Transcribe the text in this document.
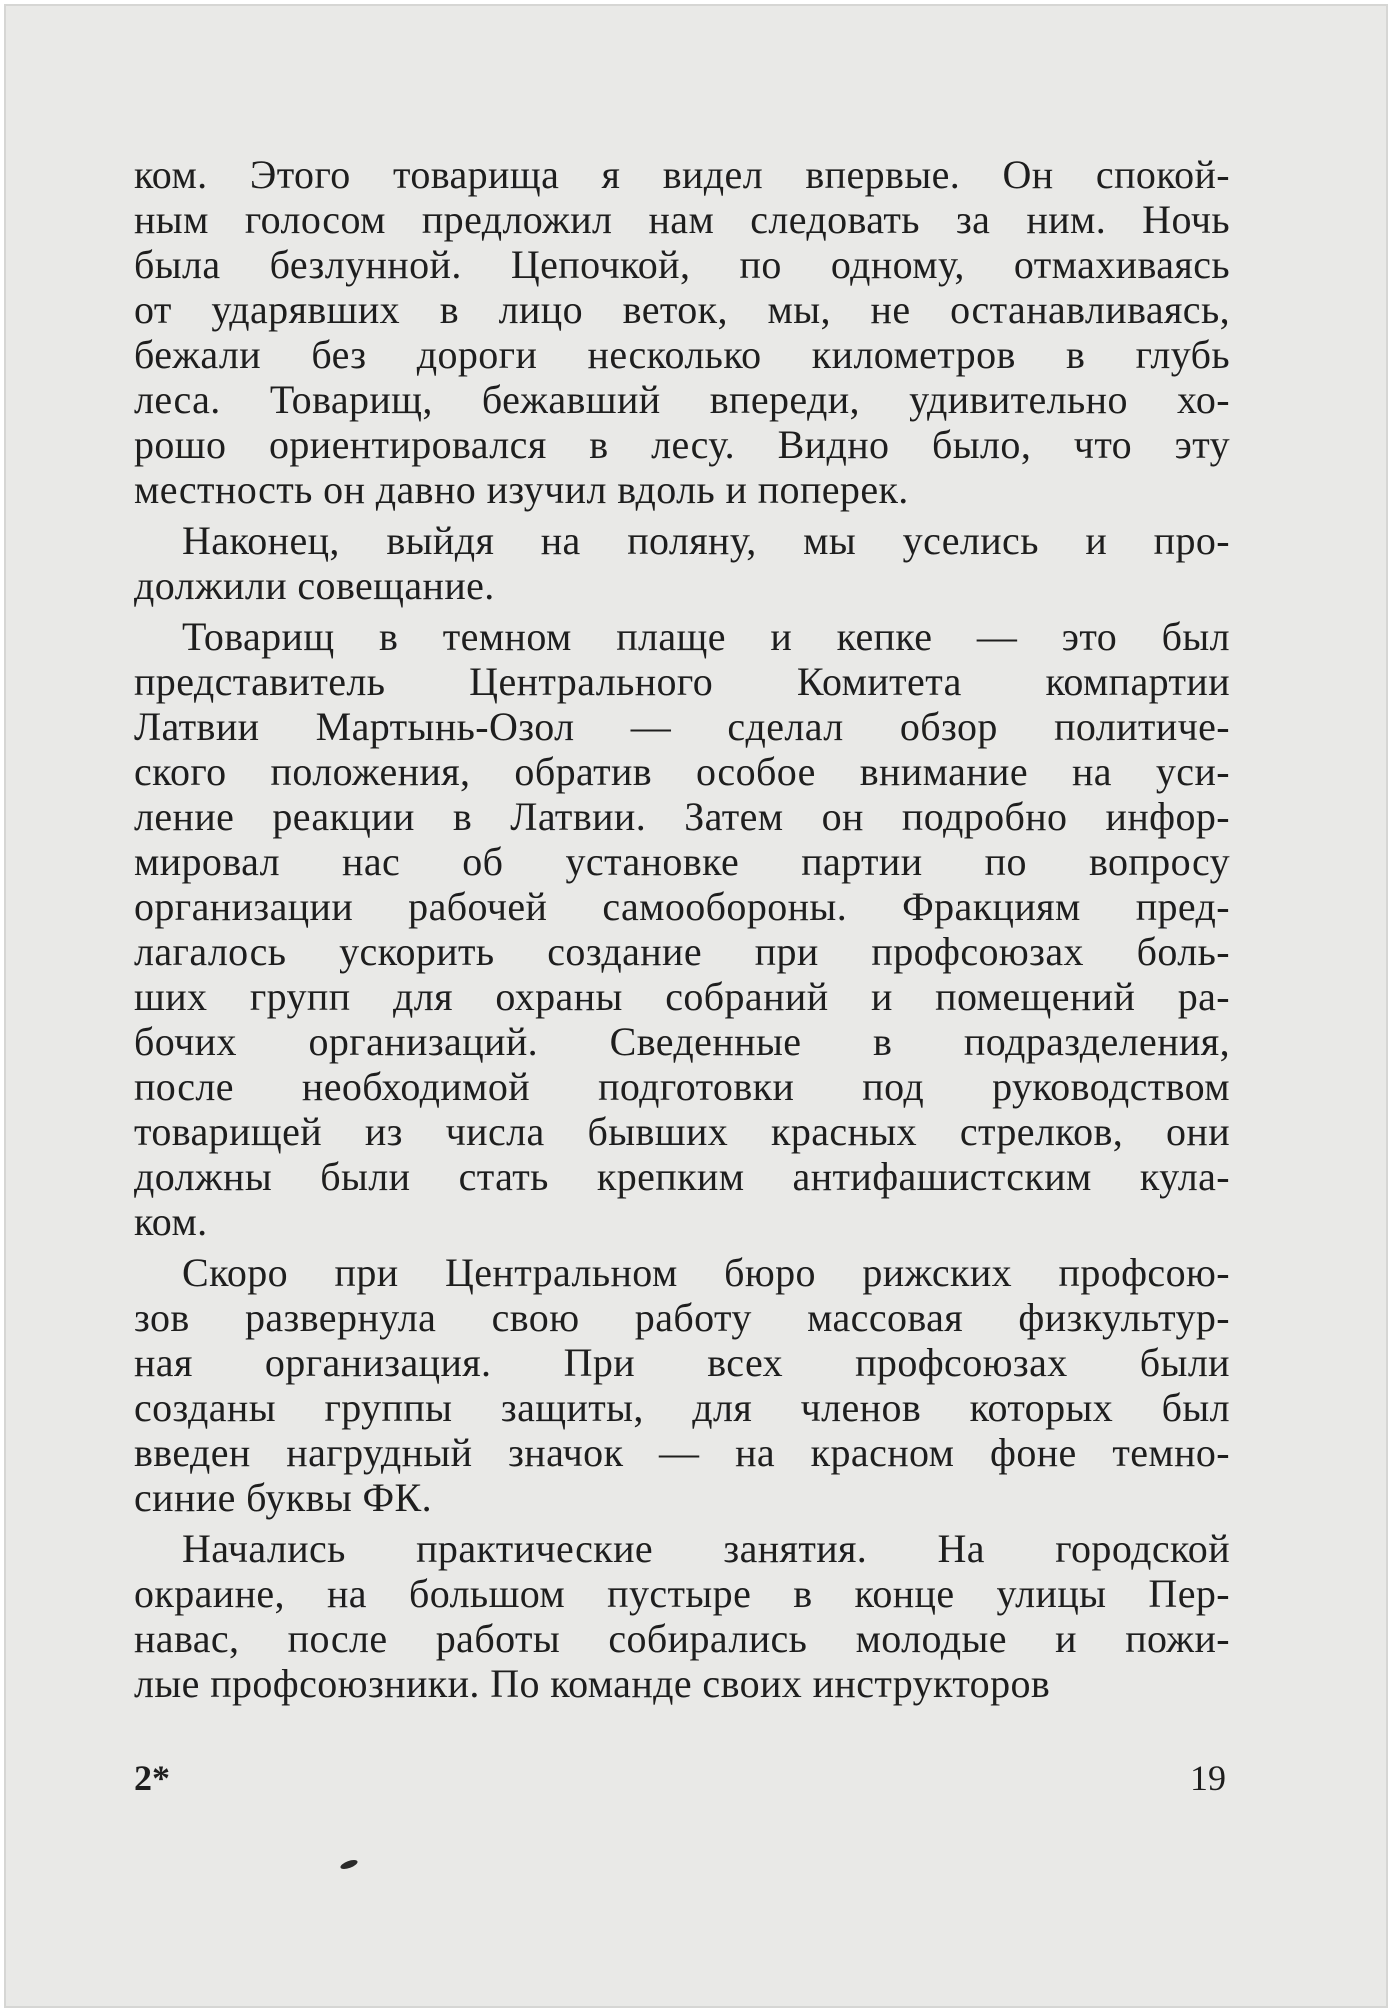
ком. Этого товарища я видел впервые. Он спокой-
ным голосом предложил нам следовать за ним. Ночь
была безлунной. Цепочкой, по одному, отмахиваясь
от ударявших в лицо веток, мы, не останавливаясь,
бежали без дороги несколько километров в глубь
леса. Товарищ, бежавший впереди, удивительно хо-
рошо ориентировался в лесу. Видно было, что эту
местность он давно изучил вдоль и поперек.
Наконец, выйдя на поляну, мы уселись и про-
должили совещание.
Товарищ в темном плаще и кепке — это был
представитель Центрального Комитета компартии
Латвии Мартынь-Озол — сделал обзор политиче-
ского положения, обратив особое внимание на уси-
ление реакции в Латвии. Затем он подробно инфор-
мировал нас об установке партии по вопросу
организации рабочей самообороны. Фракциям пред-
лагалось ускорить создание при профсоюзах боль-
ших групп для охраны собраний и помещений ра-
бочих организаций. Сведенные в подразделения,
после необходимой подготовки под руководством
товарищей из числа бывших красных стрелков, они
должны были стать крепким антифашистским кула-
ком.
Скоро при Центральном бюро рижских профсою-
зов развернула свою работу массовая физкультур-
ная организация. При всех профсоюзах были
созданы группы защиты, для членов которых был
введен нагрудный значок — на красном фоне темно-
синие буквы ФК.
Начались практические занятия. На городской
окраине, на большом пустыре в конце улицы Пер-
навас, после работы собирались молодые и пожи-
лые профсоюзники. По команде своих инструкторов
2*	19
